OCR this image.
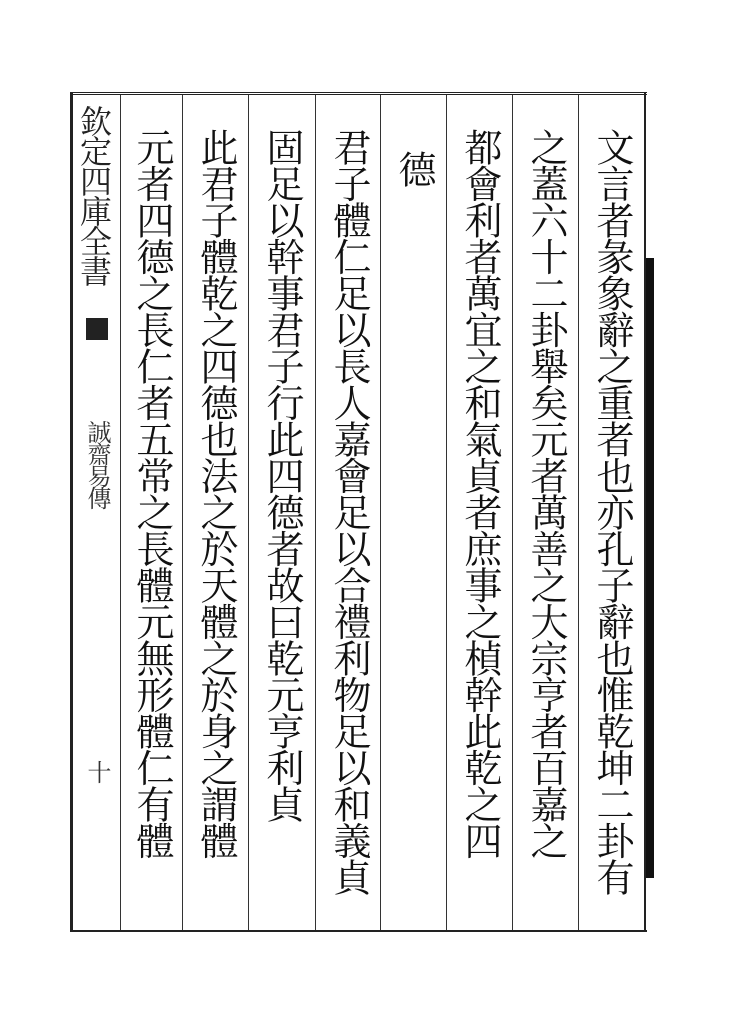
欽定四庫全書
誠齋易傳
十	文言者彖象辭之重者也亦孔子辭也惟乾坤二卦有
之蓋六十二卦舉矣元者萬善之大宗亨者百嘉之
都會利者萬宜之和氣貞者庶事之楨幹此乾之四
德
君子體仁足以長人嘉會足以合禮利物足以和義貞
固足以幹事君子行此四德者故曰乾元亨利貞
此君子體乾之四德也法之於天體之於身之謂體
元者四德之長仁者五常之長體元無形體仁有體
